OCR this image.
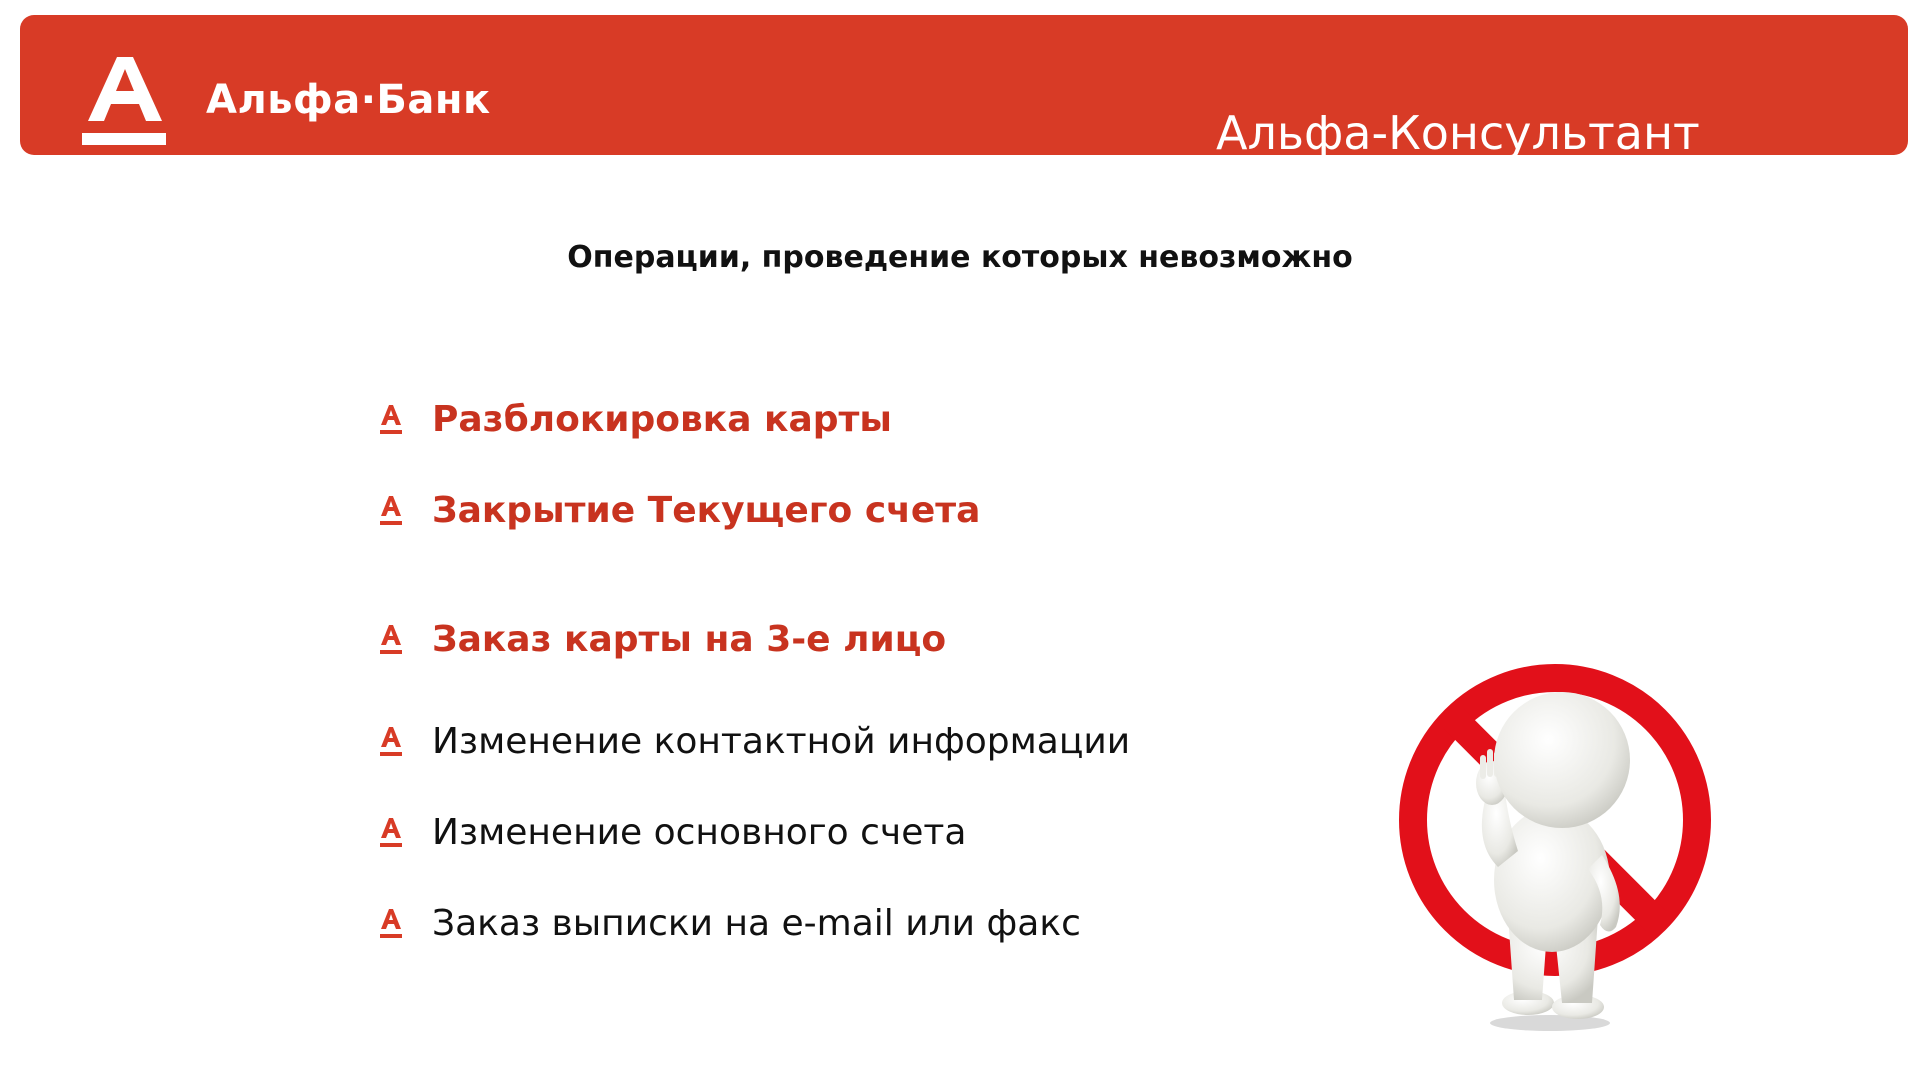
Альфа·Банк
Альфа-Консультант
Операции, проведение которых невозможно
Разблокировка карты
Закрытие Текущего счета
Заказ карты на 3-е лицо
Изменение контактной информации
Изменение основного счета
Заказ выписки на e-mail или факс
